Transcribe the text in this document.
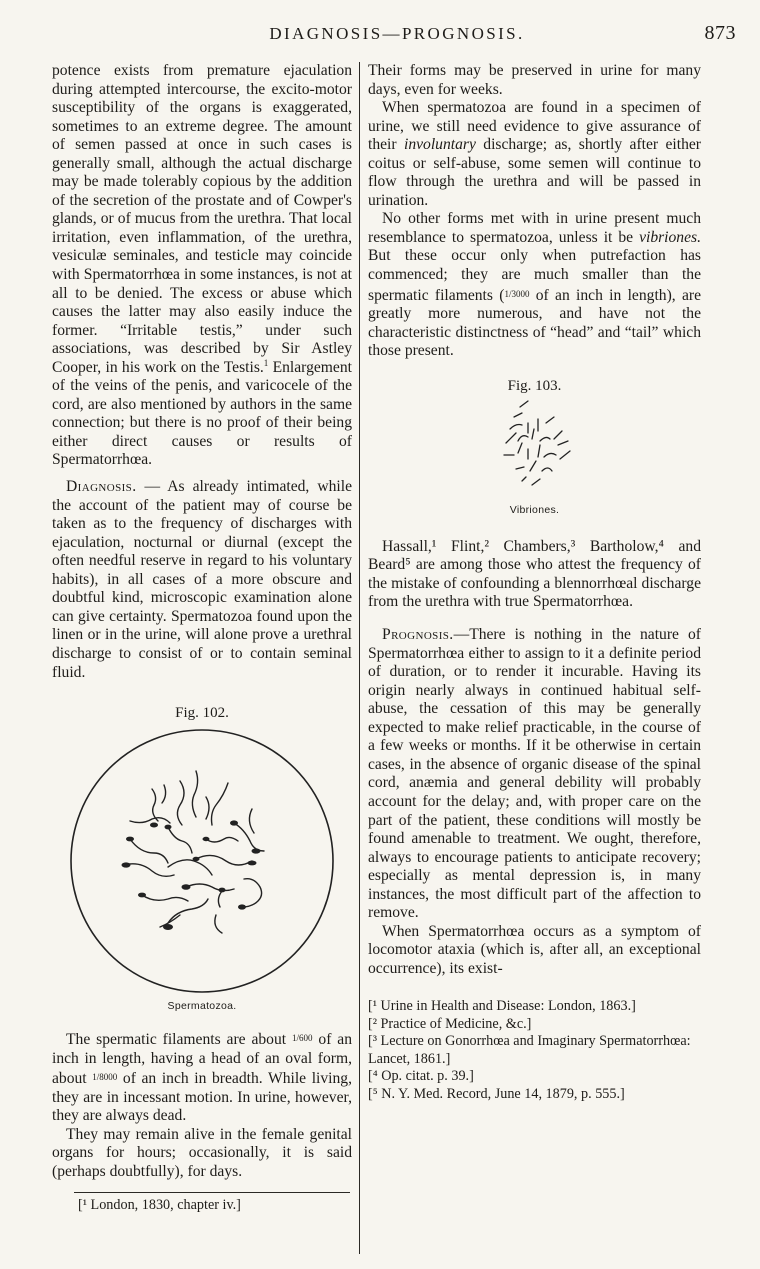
DIAGNOSIS—PROGNOSIS.	873

potence exists from premature ejaculation during attempted intercourse, the excito-motor susceptibility of the organs is exaggerated, sometimes to an extreme degree. The amount of semen passed at once in such cases is generally small, although the actual discharge may be made tolerably copious by the addition of the secretion of the prostate and of Cowper's glands, or of mucus from the urethra. That local irritation, even inflammation, of the urethra, vesiculæ seminales, and testicle may coincide with Spermatorrhœa in some instances, is not at all to be denied. The excess or abuse which causes the latter may also easily induce the former. “Irritable testis,” under such associations, was described by Sir Astley Cooper, in his work on the Testis.$^1$ Enlargement of the veins of the penis, and varicocele of the cord, are also mentioned by authors in the same connection; but there is no proof of their being either direct causes or results of Spermatorrhœa.

Diagnosis. — As already intimated, while the account of the patient may of course be taken as to the frequency of discharges with ejaculation, nocturnal or diurnal (except the often needful reserve in regard to his voluntary habits), in all cases of a more obscure and doubtful kind, microscopic examination alone can give certainty. Spermatozoa found upon the linen or in the urine, will alone prove a urethral discharge to consist of or to contain seminal fluid.

Fig. 102.
Spermatozoa.

The spermatic filaments are about 1/600 of an inch in length, having a head of an oval form, about 1/8000 of an inch in breadth. While living, they are in incessant motion. In urine, however, they are always dead.

They may remain alive in the female genital organs for hours; occasionally, it is said (perhaps doubtfully), for days.

[¹ London, 1830, chapter iv.]

Their forms may be preserved in urine for many days, even for weeks.

When spermatozoa are found in a specimen of urine, we still need evidence to give assurance of their involuntary discharge; as, shortly after either coitus or self-abuse, some semen will continue to flow through the urethra and will be passed in urination.

No other forms met with in urine present much resemblance to spermatozoa, unless it be vibriones. But these occur only when putrefaction has commenced; they are much smaller than the spermatic filaments (1/3000 of an inch in length), are greatly more numerous, and have not the characteristic distinctness of “head” and “tail” which those present.

Fig. 103.
Vibriones.

Hassall,¹ Flint,² Chambers,³ Bartholow,⁴ and Beard⁵ are among those who attest the frequency of the mistake of confounding a blennorrhœal discharge from the urethra with true Spermatorrhœa.

Prognosis.—There is nothing in the nature of Spermatorrhœa either to assign to it a definite period of duration, or to render it incurable. Having its origin nearly always in continued habitual self-abuse, the cessation of this may be generally expected to make relief practicable, in the course of a few weeks or months. If it be otherwise in certain cases, in the absence of organic disease of the spinal cord, anæmia and general debility will probably account for the delay; and, with proper care on the part of the patient, these conditions will mostly be found amenable to treatment. We ought, therefore, always to encourage patients to anticipate recovery; especially as mental depression is, in many instances, the most difficult part of the affection to remove.

When Spermatorrhœa occurs as a symptom of locomotor ataxia (which is, after all, an exceptional occurrence), its exist-

[¹ Urine in Health and Disease: London, 1863.]
[² Practice of Medicine, &c.]
[³ Lecture on Gonorrhœa and Imaginary Spermatorrhœa: Lancet, 1861.]
[⁴ Op. citat. p. 39.]
[⁵ N. Y. Med. Record, June 14, 1879, p. 555.]
